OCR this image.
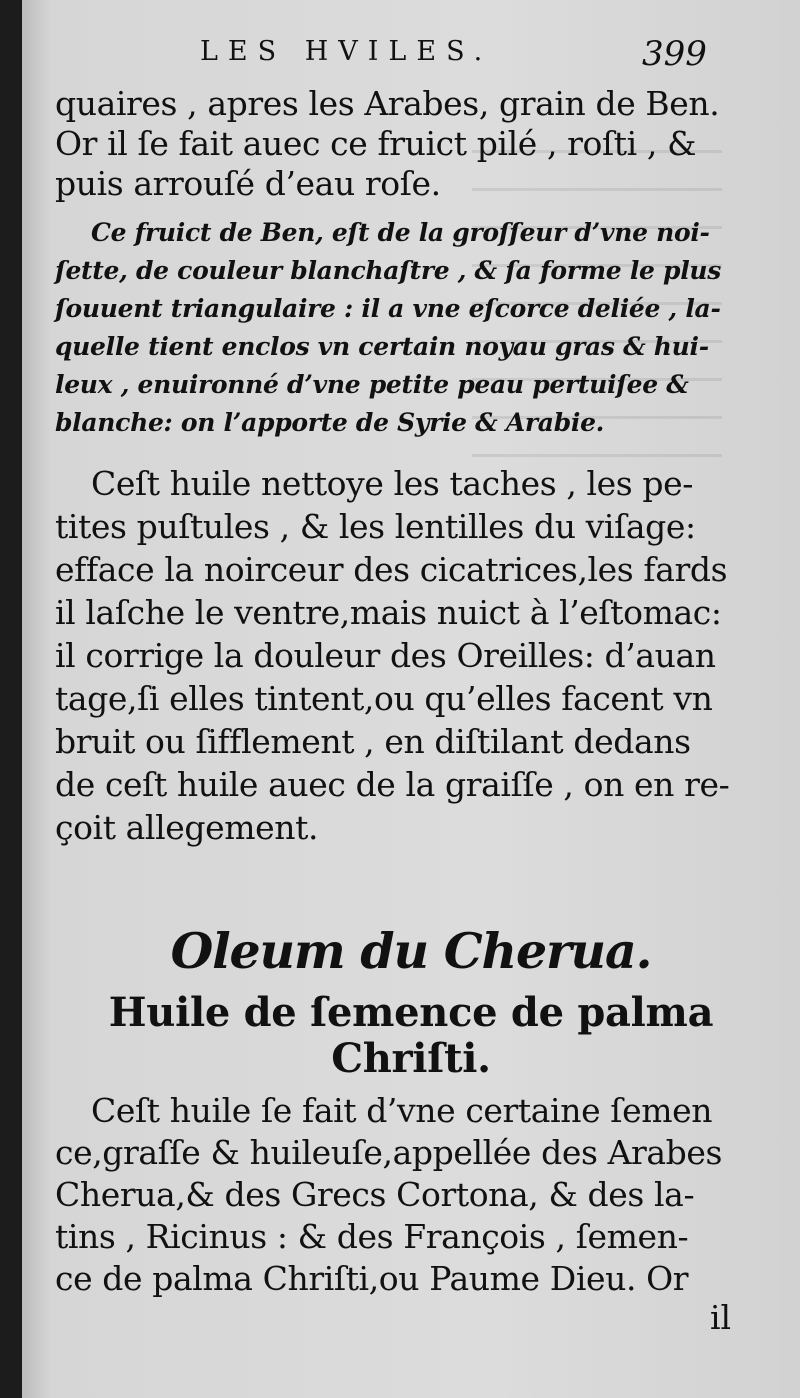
LES HVILES.	399
quaires , apres les Arabes, grain de Ben.
Or il ſe fait auec ce fruict pilé , roſti , &
puis arrouſé d’eau roſe.
Ce fruict de Ben, eſt de la groſſeur d’vne noi-
ſette, de couleur blanchaſtre , & ſa forme le plus
ſouuent triangulaire : il a vne eſcorce deliée , la-
quelle tient enclos vn certain noyau gras & hui-
leux , enuironné d’vne petite peau pertuiſee &
blanche: on l’apporte de Syrie & Arabie.
Ceſt huile nettoye les taches , les pe-
tites puſtules , & les lentilles du viſage:
efface la noirceur des cicatrices,les fards
il laſche le ventre,mais nuict à l’eſtomac:
il corrige la douleur des Oreilles: d’auan
tage,ſi elles tintent,ou qu’elles facent vn
bruit ou ſifflement , en diſtilant dedans
de ceſt huile auec de la graiſſe , on en re-
çoit allegement.
Oleum du Cherua.
Huile de ſemence de palma
Chriſti.
Ceſt huile ſe fait d’vne certaine ſemen
ce,graſſe & huileuſe,appellée des Arabes
Cherua,& des Grecs Cortona, & des la-
tins , Ricinus : & des François , ſemen-
ce de palma Chriſti,ou Paume Dieu. Or
il
